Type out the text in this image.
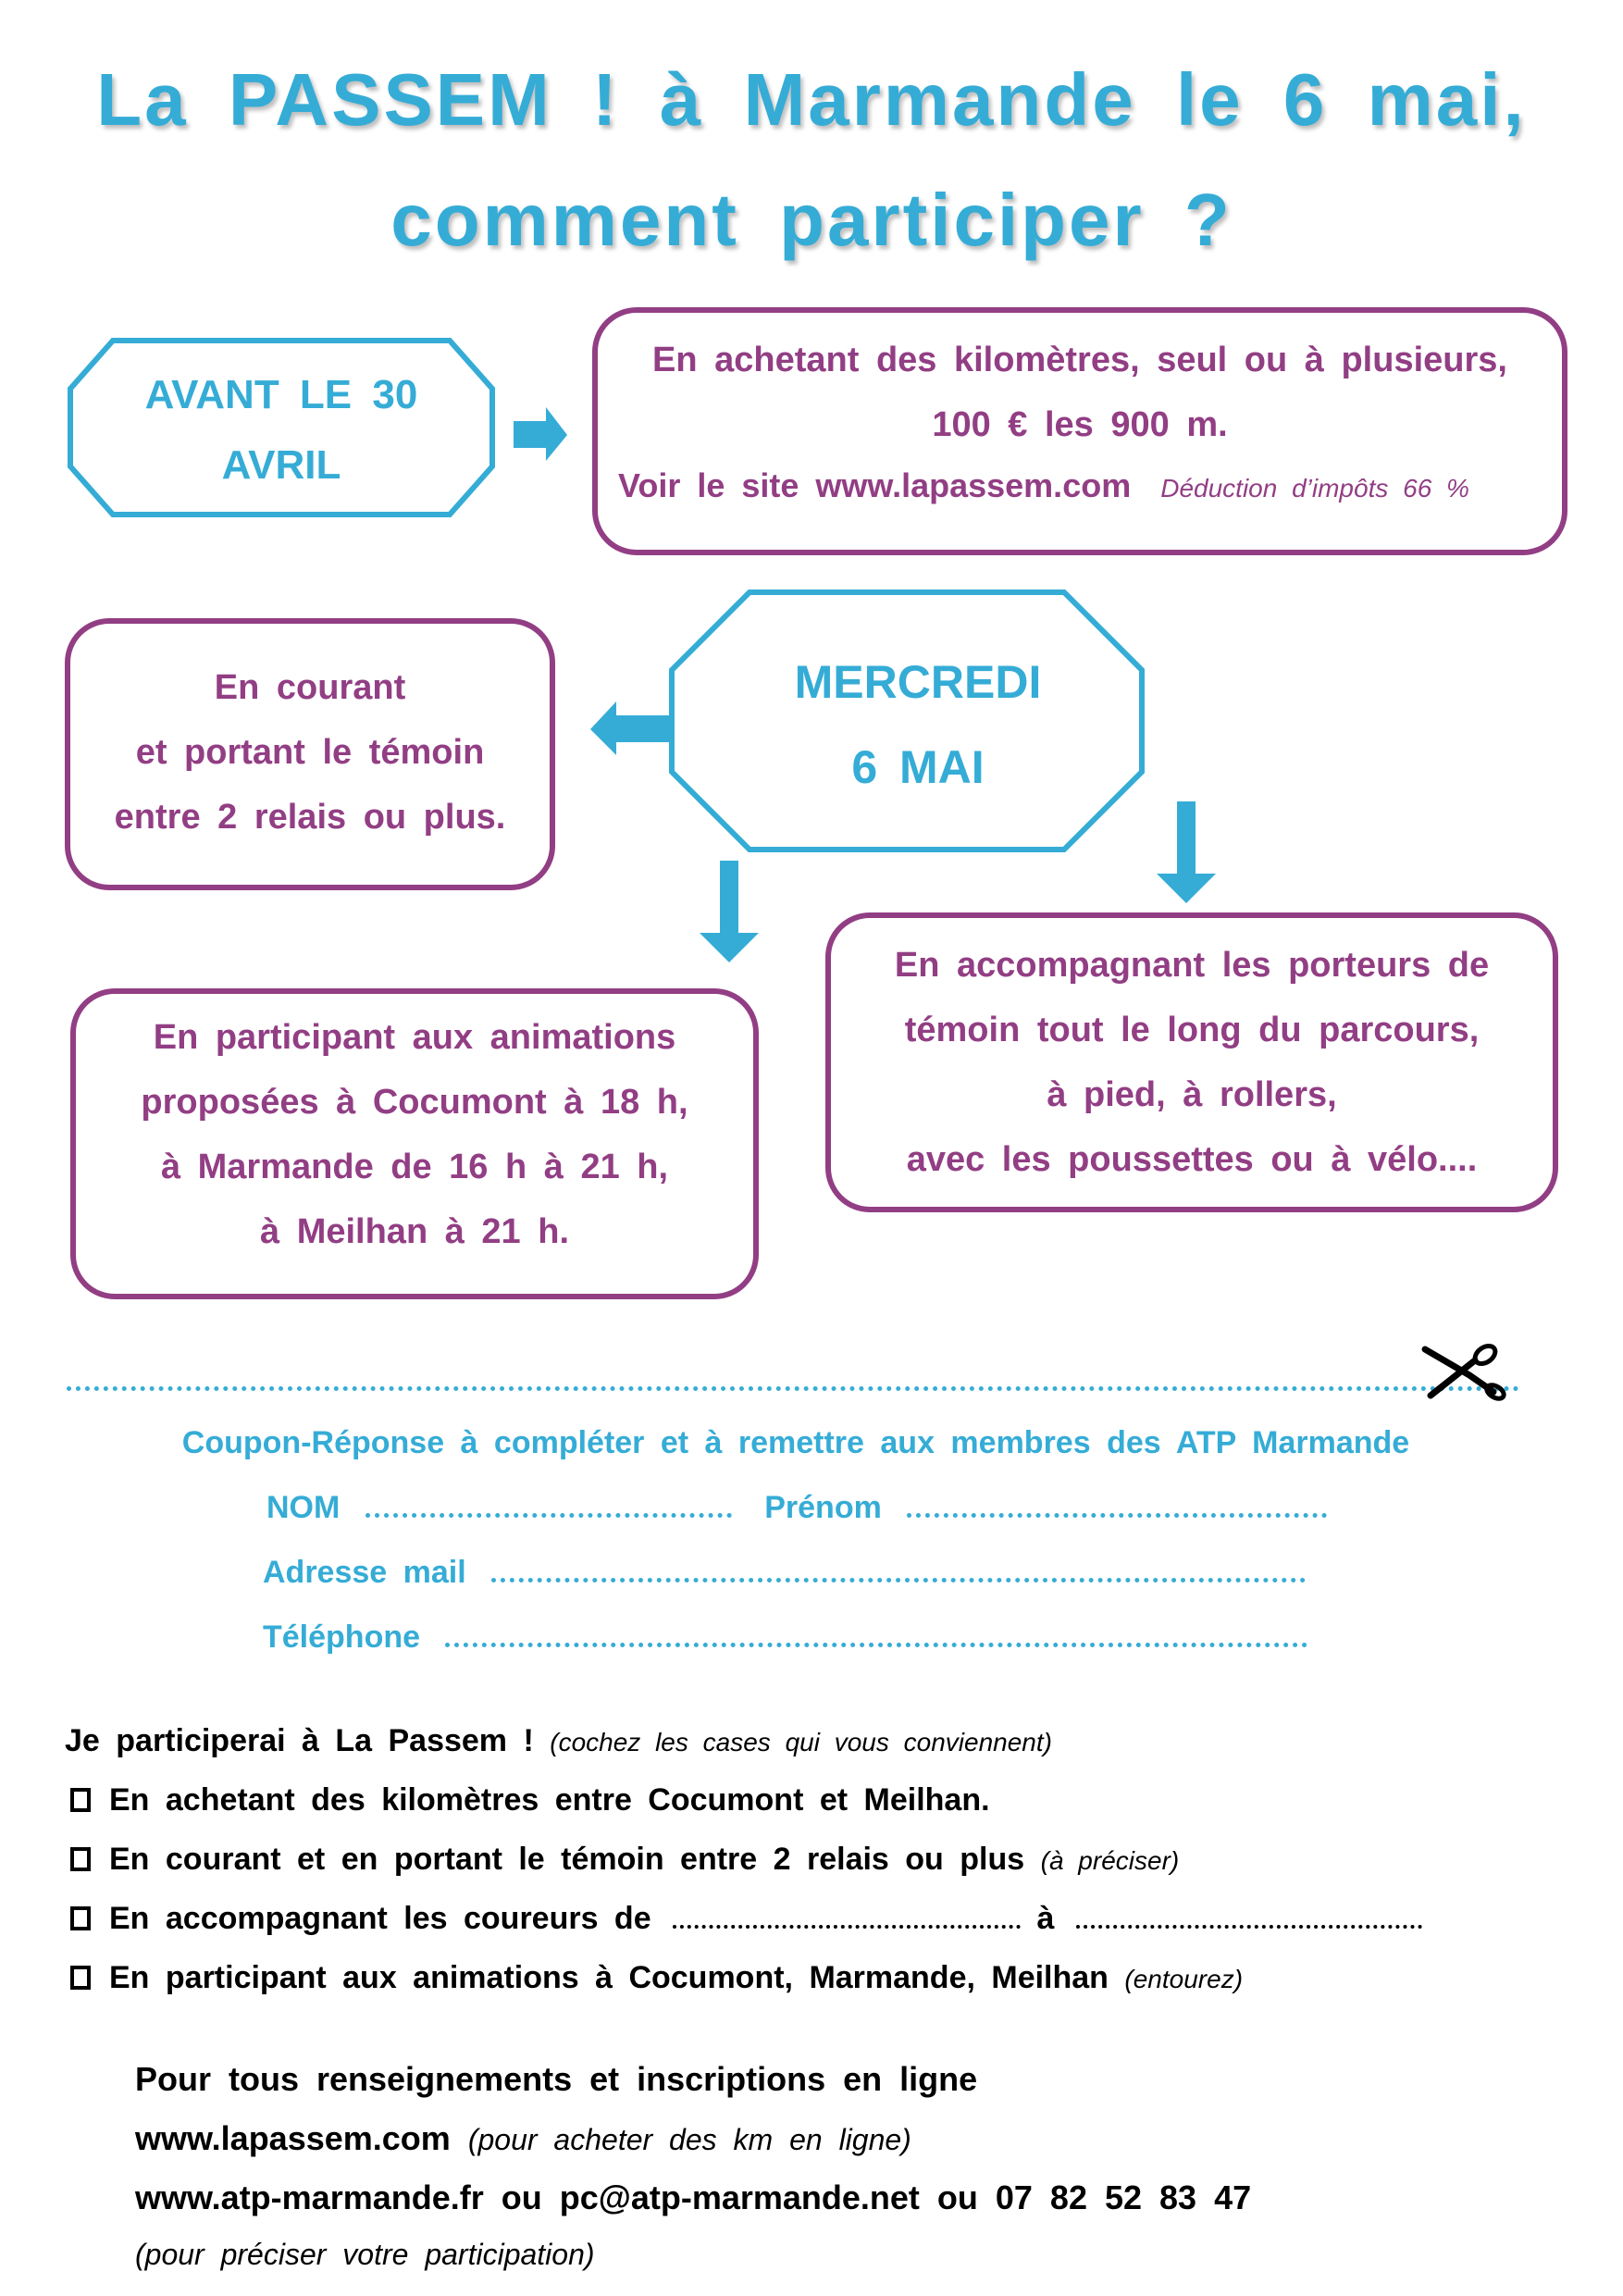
La PASSEM ! à Marmande le 6 mai,
comment participer ?
AVANT LE 30
AVRIL
En achetant des kilomètres, seul ou à plusieurs,
100 € les 900 m.
Voir le site www.lapassem.com Déduction d’impôts 66 %
En courant
et portant le témoin
entre 2 relais ou plus.
MERCREDI
6 MAI
En participant aux animations
proposées à Cocumont à 18 h,
à Marmande de 16 h à 21 h,
à Meilhan à 21 h.
En accompagnant les porteurs de
témoin tout le long du parcours,
à pied, à rollers,
avec les poussettes ou à vélo....
Coupon-Réponse à compléter et à remettre aux membres des ATP Marmande
NOM	Prénom
Adresse mail
Téléphone
Je participerai à La Passem ! (cochez les cases qui vous conviennent)
En achetant des kilomètres entre Cocumont et Meilhan.
En courant et en portant le témoin entre 2 relais ou plus (à préciser)
En accompagnant les coureurs de	à
En participant aux animations à Cocumont, Marmande, Meilhan (entourez)
Pour tous renseignements et inscriptions en ligne
www.lapassem.com (pour acheter des km en ligne)
www.atp-marmande.fr ou pc@atp-marmande.net ou 07 82 52 83 47
(pour préciser votre participation)
